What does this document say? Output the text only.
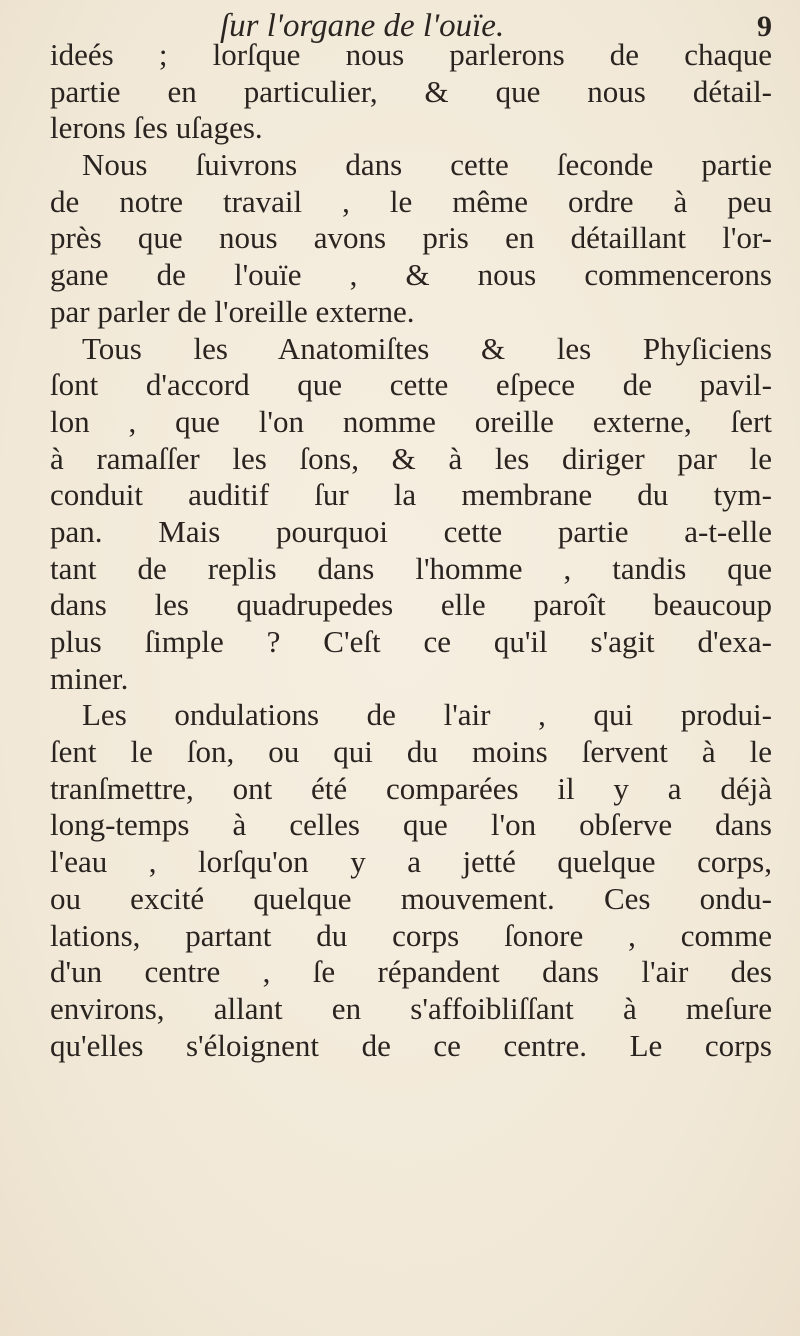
ſur l'organe de l'ouïe.	9
ideés ; lorſque nous parlerons de chaque
partie en particulier, & que nous détail-
lerons ſes uſages.
Nous ſuivrons dans cette ſeconde partie
de notre travail , le même ordre à peu
près que nous avons pris en détaillant l'or-
gane de l'ouïe , & nous commencerons
par parler de l'oreille externe.
Tous les Anatomiſtes & les Phyſiciens
ſont d'accord que cette eſpece de pavil-
lon , que l'on nomme oreille externe, ſert
à ramaſſer les ſons, & à les diriger par le
conduit auditif ſur la membrane du tym-
pan. Mais pourquoi cette partie a-t-elle
tant de replis dans l'homme , tandis que
dans les quadrupedes elle paroît beaucoup
plus ſimple ? C'eſt ce qu'il s'agit d'exa-
miner.
Les ondulations de l'air , qui produi-
ſent le ſon, ou qui du moins ſervent à le
tranſmettre, ont été comparées il y a déjà
long-temps à celles que l'on obſerve dans
l'eau , lorſqu'on y a jetté quelque corps,
ou excité quelque mouvement. Ces ondu-
lations, partant du corps ſonore , comme
d'un centre , ſe répandent dans l'air des
environs, allant en s'affoibliſſant à meſure
qu'elles s'éloignent de ce centre. Le corps
